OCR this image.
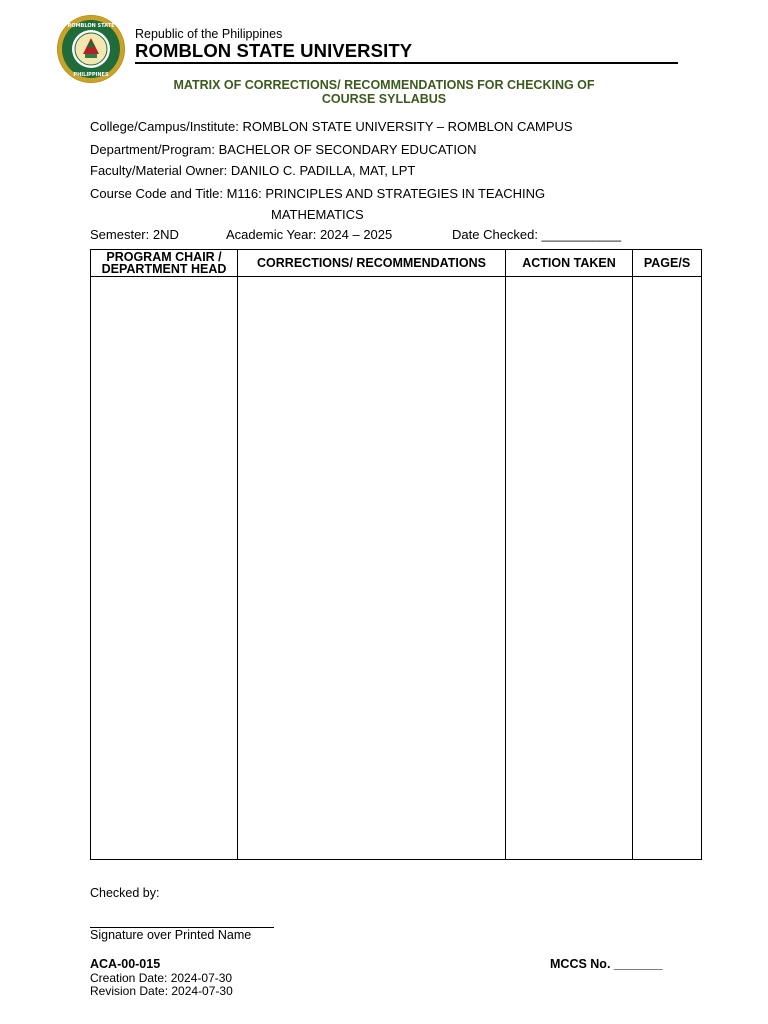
ROMBLON STATE
PHILIPPINES
Republic of the Philippines
ROMBLON STATE UNIVERSITY
MATRIX OF CORRECTIONS/ RECOMMENDATIONS FOR CHECKING OF
COURSE SYLLABUS
College/Campus/Institute: ROMBLON STATE UNIVERSITY – ROMBLON CAMPUS
Department/Program: BACHELOR OF SECONDARY EDUCATION
Faculty/Material Owner: DANILO C. PADILLA, MAT, LPT
Course Code and Title: M116: PRINCIPLES AND STRATEGIES IN TEACHING
MATHEMATICS
Semester: 2ND	Academic Year: 2024 – 2025	Date Checked: ___________
PROGRAM CHAIR /
DEPARTMENT HEAD	CORRECTIONS/ RECOMMENDATIONS	ACTION TAKEN	PAGE/S

Checked by:
Signature over Printed Name
ACA-00-015
Creation Date: 2024-07-30
Revision Date: 2024-07-30
MCCS No. _______
